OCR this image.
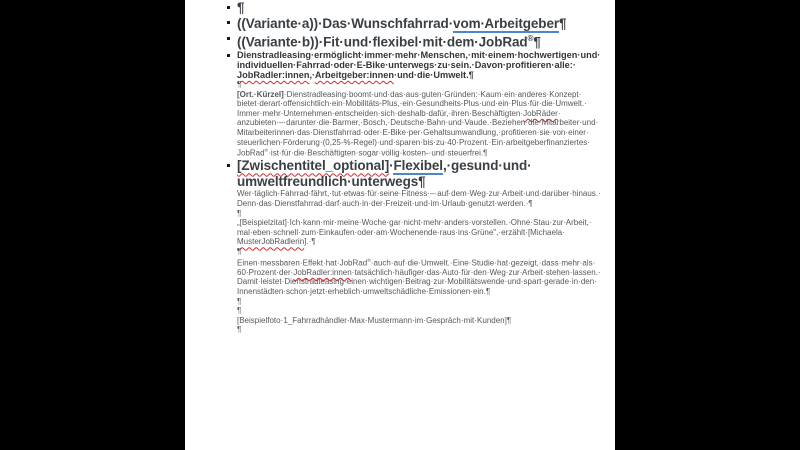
¶

((Variante· a))· Das· Wunschfahrrad· vom· Arbeitgeber¶

((Variante· b))· Fit· und· flexibel· mit· dem· JobRad®¶

Dienstradleasing· ermöglicht· immer· mehr· Menschen,· mit· einem· hochwertigen· und· individuellen· Fahrrad· oder· E-Bike· unterwegs· zu· sein.· Davon· profitieren· alle:· JobRadler:innen,· Arbeitgeber:innen· und· die· Umwelt.¶

¶

[Ort.· Kürzel]· Dienstradleasing· boomt· und· das· aus· guten· Gründen:· Kaum· ein· anderes· Konzept· bietet· derart· offensichtlich· ein· Mobilitäts-Plus,· ein· Gesundheits-Plus· und· ein· Plus· für· die· Umwelt.· Immer· mehr· Unternehmen· entscheiden· sich· deshalb· dafür,· ihren· Beschäftigten· JobRäder· anzubieten· –· darunter· die· Barmer,· Bosch,· Deutsche· Bahn· und· Vaude.· Beziehen· die· Mitarbeiter· und· Mitarbeiterinnen· das· Dienstfahrrad· oder· E-Bike· per· Gehaltsumwandlung,· profitieren· sie· von· einer· steuerlichen· Förderung· (0,25-%-Regel)· und· sparen· bis· zu· 40· Prozent.· Ein· arbeitgeberfinanziertes· JobRad®· ist· für· die· Beschäftigten· sogar· völlig· kosten-· und· steuerfrei.¶

[Zwischentitel_optional]· Flexibel,· gesund· und· umweltfreundlich· unterwegs¶

Wer· täglich· Fahrrad· fährt,· tut· etwas· für· seine· Fitness· –· auf· dem· Weg· zur· Arbeit· und· darüber· hinaus.· Denn· das· Dienstfahrrad· darf· auch· in· der· Freizeit· und· im· Urlaub· genutzt· werden.·¶

¶

„[Beispielzitat]· Ich· kann· mir· meine· Woche· gar· nicht· mehr· anders· vorstellen.· Ohne· Stau· zur· Arbeit,· mal· eben· schnell· zum· Einkaufen· oder· am· Wochenende· raus· ins· Grüne",· erzählt· [Michaela· MusterJobRadlerin].·¶

¶

Einen· messbaren· Effekt· hat· JobRad®· auch· auf· die· Umwelt.· Eine· Studie· hat· gezeigt,· dass· mehr· als· 60· Prozent· der· JobRadler:innen· tatsächlich· häufiger· das· Auto· für· den· Weg· zur· Arbeit· stehen· lassen.· Damit· leistet· Dienstradleasing· einen· wichtigen· Beitrag· zur· Mobilitätswende· und· spart· gerade· in· den· Innenstädten· schon· jetzt· erheblich· umweltschädliche· Emissionen· ein.¶

¶

¶

[Beispielfoto· 1_Fahrradhändler· Max· Mustermann· im· Gespräch· mit· Kunden]¶

¶
